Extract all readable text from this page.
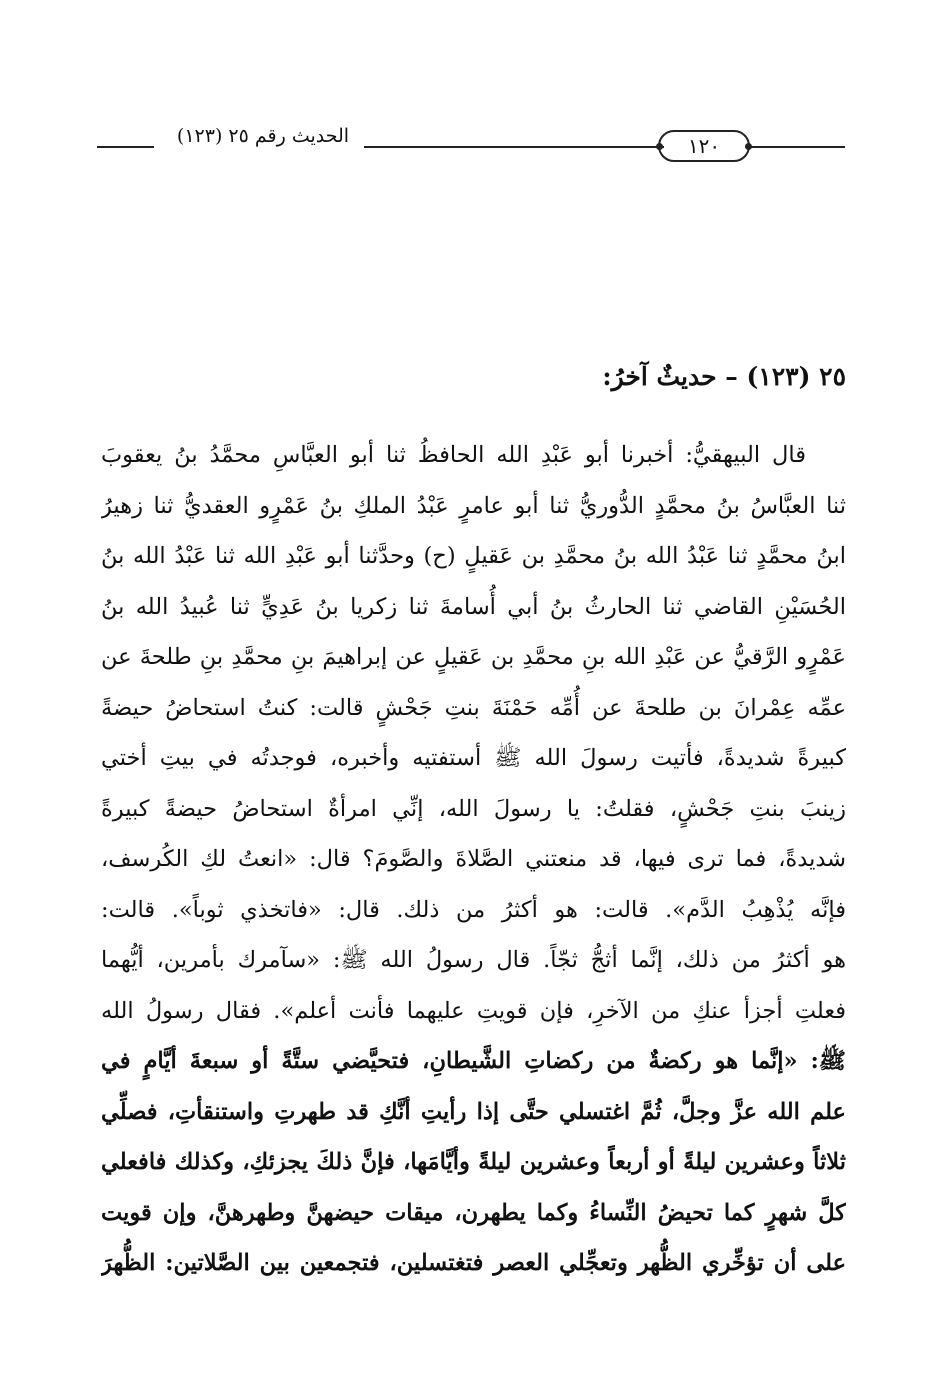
الحديث رقم ٢٥ (١٢٣)	١٢٠
٢٥ (١٢٣) – حديثٌ آخرُ:
قال البيهقيُّ: أخبرنا أبو عَبْدِ الله الحافظُ ثنا أبو العبَّاسِ محمَّدُ بنُ يعقوبَ
ثنا العبَّاسُ بنُ محمَّدٍ الدُّوريُّ ثنا أبو عامرٍ عَبْدُ الملكِ بنُ عَمْرٍو العقديُّ ثنا زهيرُ
ابنُ محمَّدٍ ثنا عَبْدُ الله بنُ محمَّدِ بن عَقيلٍ (ح) وحدَّثنا أبو عَبْدِ الله ثنا عَبْدُ الله بنُ
الحُسَيْنِ القاضي ثنا الحارثُ بنُ أبي أُسامةَ ثنا زكريا بنُ عَدِيٍّ ثنا عُبيدُ الله بنُ
عَمْرٍو الرَّقيُّ عن عَبْدِ الله بنِ محمَّدِ بن عَقيلٍ عن إبراهيمَ بنِ محمَّدِ بنِ طلحةَ عن
عمِّه عِمْرانَ بن طلحةَ عن أُمِّه حَمْنَةَ بنتِ جَحْشٍ قالت: كنتُ استحاضُ حيضةً
كبيرةً شديدةً، فأتيت رسولَ الله ﷺ أستفتيه وأخبره، فوجدتُه في بيتِ أختي
زينبَ بنتِ جَحْشٍ، فقلتُ: يا رسولَ الله، إنِّي امرأةٌ استحاضُ حيضةً كبيرةً
شديدةً، فما ترى فيها، قد منعتني الصَّلاةَ والصَّومَ؟ قال: «انعتُ لكِ الكُرسف،
فإنَّه يُذْهِبُ الدَّم». قالت: هو أكثرُ من ذلك. قال: «فاتخذي ثوباً». قالت:
هو أكثرُ من ذلك، إنَّما أثجُّ ثجّاً. قال رسولُ الله ﷺ: «سآمرك بأمرين، أيُّهما
فعلتِ أجزأ عنكِ من الآخرِ، فإن قويتِ عليهما فأنت أعلم». فقال رسولُ الله
ﷺ: «إنَّما هو ركضةٌ من ركضاتِ الشَّيطانِ، فتحيَّضي ستَّةً أو سبعةَ أيَّامٍ في
علم الله عزَّ وجلَّ، ثُمَّ اغتسلي حتَّى إذا رأيتِ أنَّكِ قد طهرتِ واستنقأتِ، فصلِّي
ثلاثاً وعشرين ليلةً أو أربعاً وعشرين ليلةً وأيَّامَها، فإنَّ ذلكَ يجزئكِ، وكذلك فافعلي
كلَّ شهرٍ كما تحيضُ النِّساءُ وكما يطهرن، ميقات حيضهنَّ وطهرهنَّ، وإن قويت
على أن تؤخِّري الظُّهر وتعجِّلي العصر فتغتسلين، فتجمعين بين الصَّلاتين: الظُّهرَ
